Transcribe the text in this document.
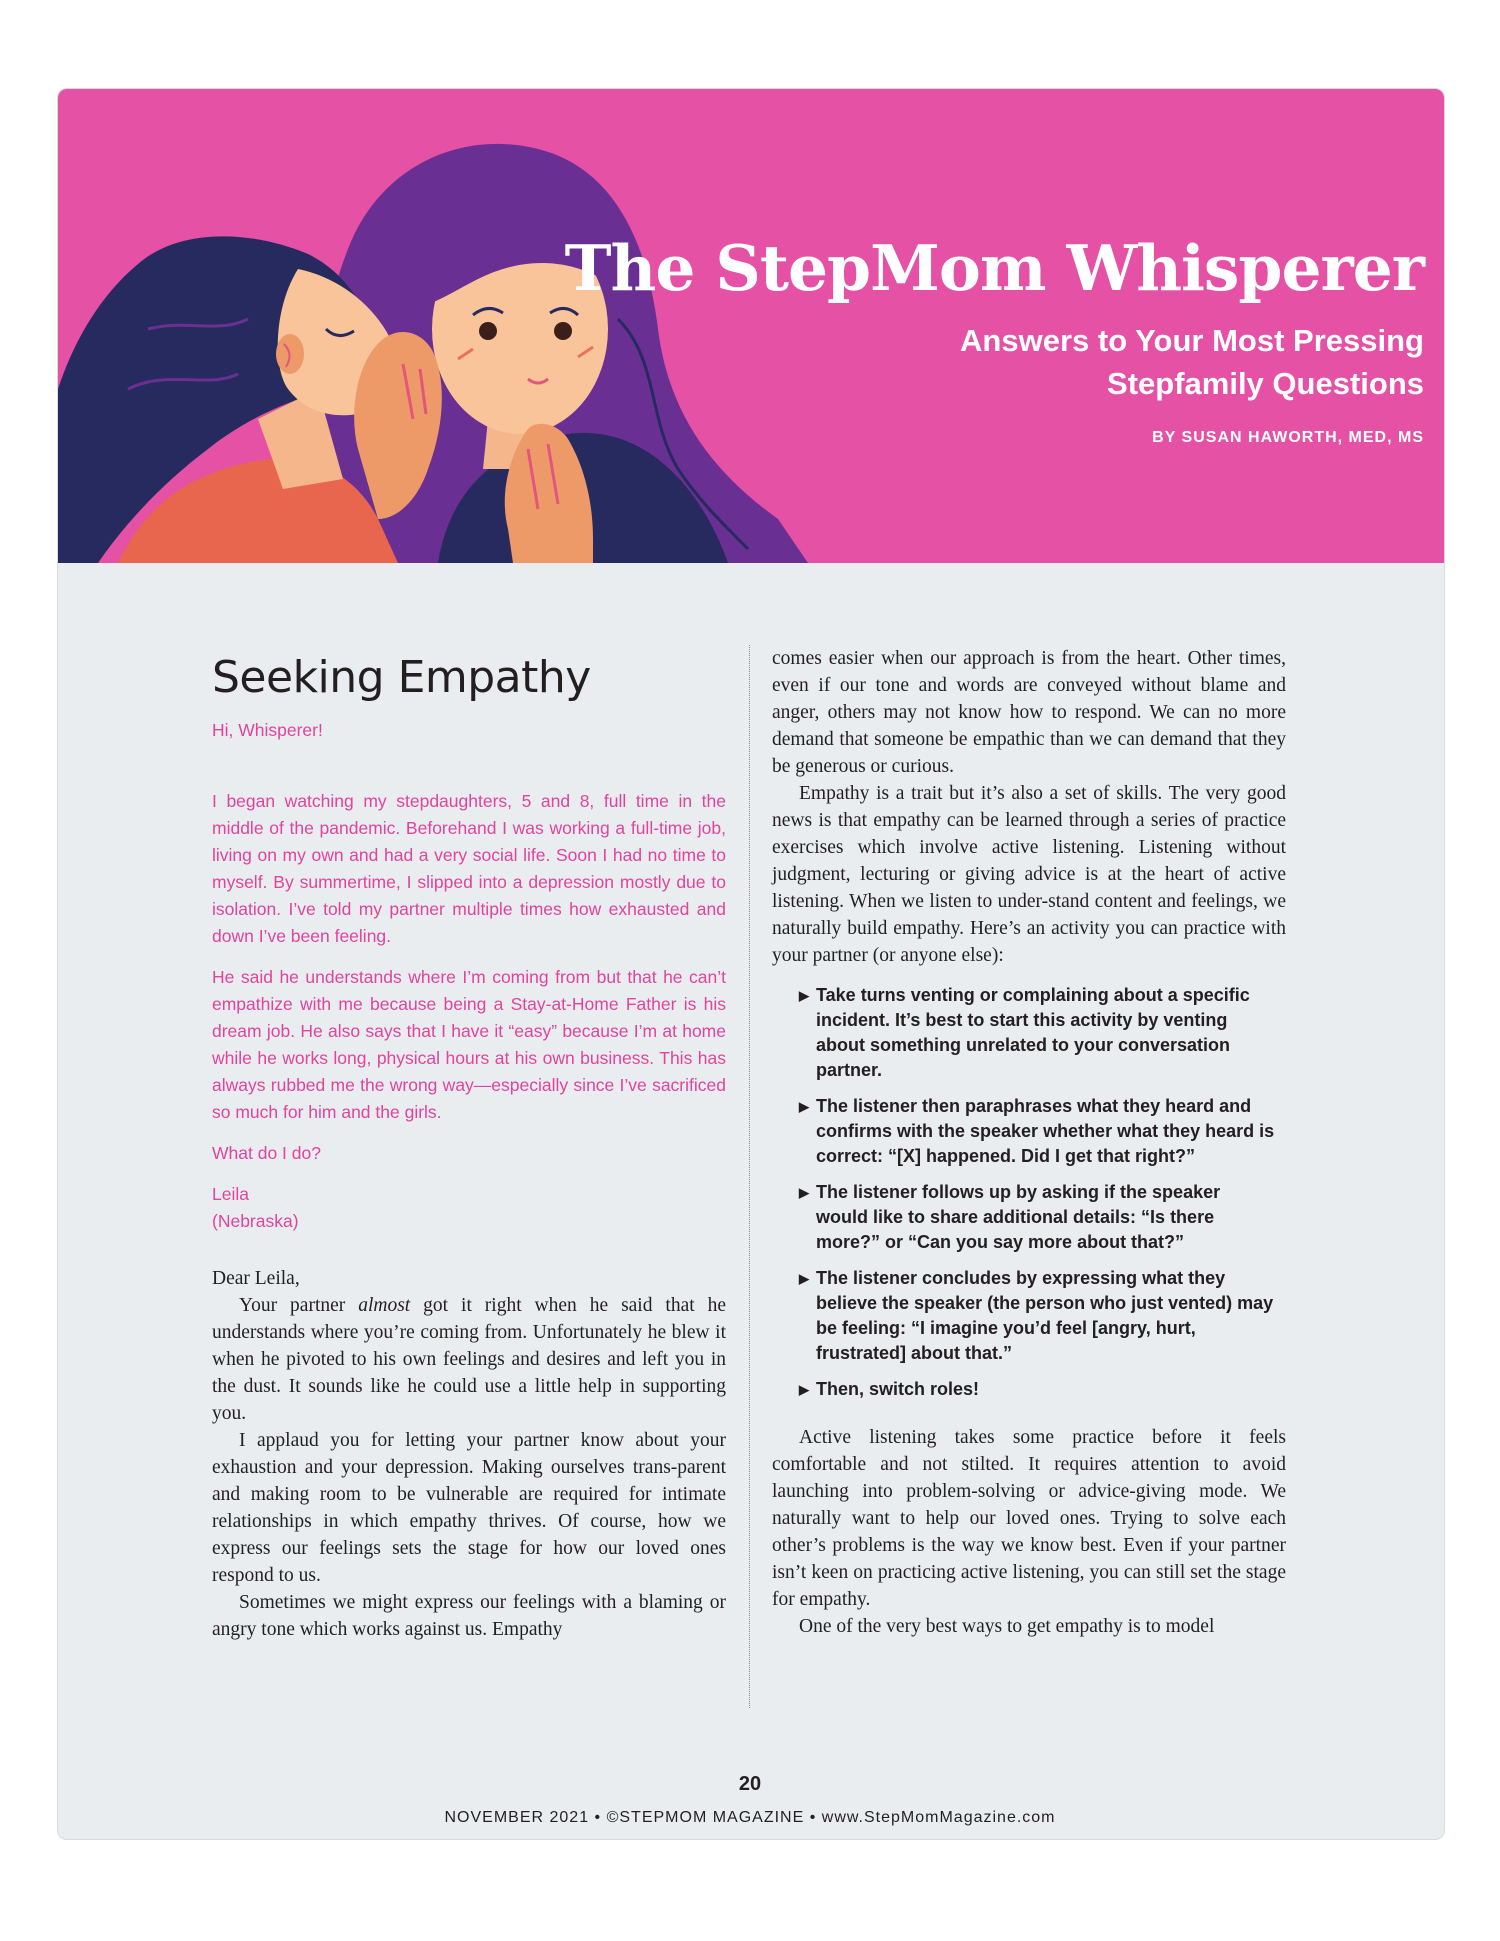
The StepMom Whisperer
Answers to Your Most Pressing
Stepfamily Questions
BY SUSAN HAWORTH, MED, MS
Seeking Empathy

Hi, Whisperer!

I began watching my stepdaughters, 5 and 8, full time in the middle of the pandemic. Beforehand I was working a full-time job, living on my own and had a very social life. Soon I had no time to myself. By summertime, I slipped into a depression mostly due to isolation. I’ve told my partner multiple times how exhausted and down I’ve been feeling.

He said he understands where I’m coming from but that he can’t empathize with me because being a Stay-at-Home Father is his dream job. He also says that I have it “easy” because I’m at home while he works long, physical hours at his own business. This has always rubbed me the wrong way—especially since I’ve sacrificed so much for him and the girls.

What do I do?

Leila
(Nebraska)

Dear Leila,

Your partner almost got it right when he said that he understands where you’re coming from. Unfortunately he blew it when he pivoted to his own feelings and desires and left you in the dust. It sounds like he could use a little help in supporting you.

I applaud you for letting your partner know about your exhaustion and your depression. Making ourselves trans-parent and making room to be vulnerable are required for intimate relationships in which empathy thrives. Of course, how we express our feelings sets the stage for how our loved ones respond to us.

Sometimes we might express our feelings with a blaming or angry tone which works against us. Empathy

comes easier when our approach is from the heart. Other times, even if our tone and words are conveyed without blame and anger, others may not know how to respond. We can no more demand that someone be empathic than we can demand that they be generous or curious.

Empathy is a trait but it’s also a set of skills. The very good news is that empathy can be learned through a series of practice exercises which involve active listening. Listening without judgment, lecturing or giving advice is at the heart of active listening. When we listen to under-stand content and feelings, we naturally build empathy. Here’s an activity you can practice with your partner (or anyone else):

▶ Take turns venting or complaining about a specific incident. It’s best to start this activity by venting about something unrelated to your conversation partner.
▶ The listener then paraphrases what they heard and confirms with the speaker whether what they heard is correct: “[X] happened. Did I get that right?”
▶ The listener follows up by asking if the speaker would like to share additional details: “Is there more?” or “Can you say more about that?”
▶ The listener concludes by expressing what they believe the speaker (the person who just vented) may be feeling: “I imagine you’d feel [angry, hurt, frustrated] about that.”
▶ Then, switch roles!

Active listening takes some practice before it feels comfortable and not stilted. It requires attention to avoid launching into problem-solving or advice-giving mode. We naturally want to help our loved ones. Trying to solve each other’s problems is the way we know best. Even if your partner isn’t keen on practicing active listening, you can still set the stage for empathy.

One of the very best ways to get empathy is to model

20
NOVEMBER 2021 • ©STEPMOM MAGAZINE • www.StepMomMagazine.com
